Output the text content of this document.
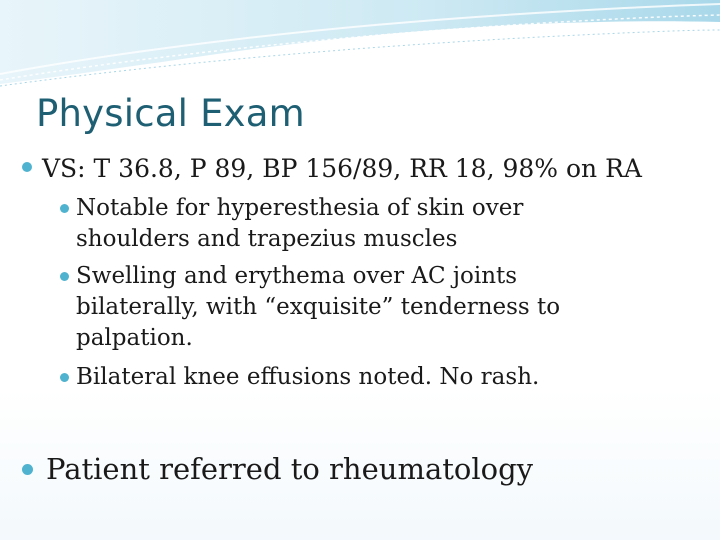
Physical Exam
VS: T 36.8, P 89, BP 156/89, RR 18, 98% on RA
Notable for hyperesthesia of skin over
shoulders and trapezius muscles
Swelling and erythema over AC joints
bilaterally, with “exquisite” tenderness to
palpation.
Bilateral knee effusions noted. No rash.
Patient referred to rheumatology
